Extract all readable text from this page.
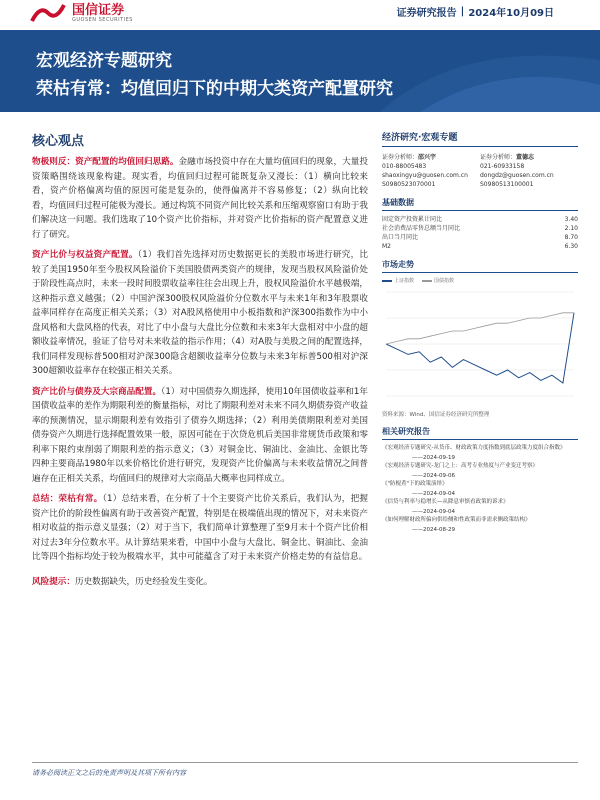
国信证券
GUOSEN SECURITIES
证券研究报告 | 2024年10月09日
宏观经济专题研究
荣枯有常：均值回归下的中期大类资产配置研究
核心观点

物极则反：资产配置的均值回归思路。金融市场投资中存在大量均值回归的现象，大量投资策略围绕该现象构建。现实看，均值回归过程可能既复杂又漫长：（1）横向比较来看，资产价格偏离均值的原因可能是复杂的，使得偏离并不容易修复；（2）纵向比较看，均值回归过程可能极为漫长。通过构筑不同资产间比较关系和压缩观察窗口有助于我们解决这一问题。我们选取了10个资产比价指标，并对资产比价指标的资产配置意义进行了研究。

资产比价与权益资产配置。（1）我们首先选择对历史数据更长的美股市场进行研究，比较了美国1950年至今股权风险溢价下美国股债两类资产的规律，发现当股权风险溢价处于阶段性高点时，未来一段时间股票收益率往往会出现上升，股权风险溢价水平越极端，这种指示意义越强；（2）中国沪深300股权风险溢价分位数水平与未来1年和3年股票收益率同样存在高度正相关关系；（3）对A股风格使用中小板指数和沪深300指数作为中小盘风格和大盘风格的代表，对比了中小盘与大盘比分位数和未来3年大盘相对中小盘的超额收益率情况，验证了信号对未来收益的指示作用；（4）对A股与美股之间的配置选择，我们同样发现标普500相对沪深300隐含超额收益率分位数与未来3年标普500相对沪深300超额收益率存在较强正相关关系。

资产比价与债券及大宗商品配置。（1）对中国债券久期选择，使用10年国债收益率和1年国债收益率的差作为期限利差的衡量指标，对比了期限利差对未来不同久期债券资产收益率的预测情况，显示期限利差有效指引了债券久期选择；（2）利用美债期限利差对美国债券资产久期进行选择配置效果一般，原因可能在于次贷危机后美国非常规货币政策和零利率下限约束削弱了期限利差的指示意义；（3）对铜金比、铜油比、金油比、金银比等四种主要商品1980年以来价格比价进行研究，发现资产比价偏离与未来收益情况之间普遍存在正相关关系，均值回归的规律对大宗商品大概率也同样成立。

总结：荣枯有常。（1）总结来看，在分析了十个主要资产比价关系后，我们认为，把握资产比价的阶段性偏离有助于改善资产配置，特别是在极端值出现的情况下，对未来资产相对收益的指示意义显强；（2）对于当下，我们简单计算整理了至9月末十个资产比价相对过去3年分位数水平。从计算结果来看，中国中小盘与大盘比、铜金比、铜油比、金油比等四个指标均处于较为极端水平，其中可能蕴含了对于未来资产价格走势的有益信息。

风险提示：历史数据缺失，历史经验发生变化。

经济研究·宏观专题
证券分析师：邵兴宇
010-88005483
shaoxingyu@guosen.com.cn
S0980523070001
证券分析师：董德志
021-60933158
dongdz@guosen.com.cn
S0980513100001
基础数据
固定资产投资累计同比	3.40
社会消费品零售总额当月同比	2.10
出口当月同比	8.70
M2	6.30
市场走势
上证指数	国债指数
资料来源：Wind、国信证券经济研究所整理
相关研究报告
《宏观经济专题研究-从货币、财政政策力度指数到底层政策力度组合指数》
——2024-09-19
《宏观经济专题研究-龙门之上：高考专业热度与产业变迁考察》
——2024-09-06
《"防棍煮"下的政策演绎》
——2024-09-04
《信贷与利率与稳增长—从降息审慎看政策的诉求》
——2024-09-04
《如何理解财政所偏向供给侧和性政策而非需求侧政策结构》
——2024-08-29
请务必阅读正文之后的免责声明及其项下所有内容
